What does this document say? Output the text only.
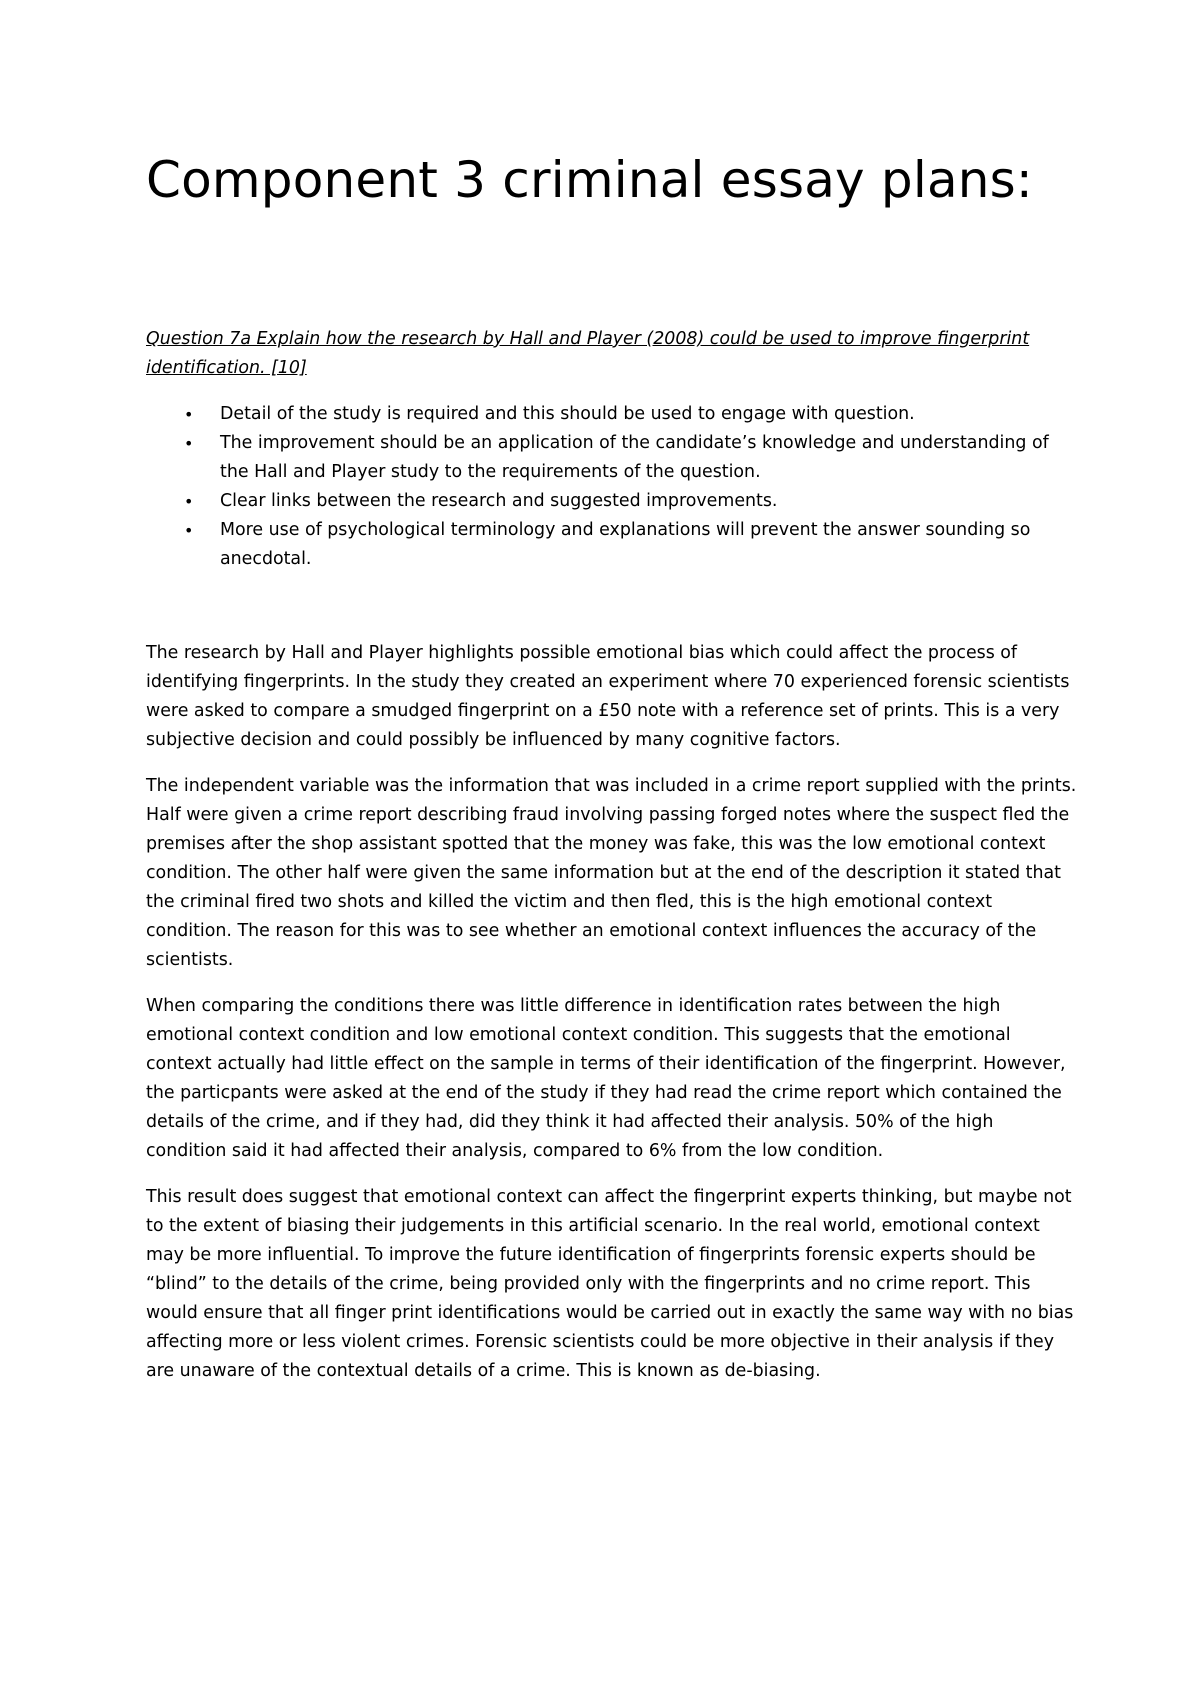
Component 3 criminal essay plans:

Question 7a Explain how the research by Hall and Player (2008) could be used to improve fingerprint identification. [10]

• Detail of the study is required and this should be used to engage with question.
• The improvement should be an application of the candidate’s knowledge and understanding of the Hall and Player study to the requirements of the question.
• Clear links between the research and suggested improvements.
• More use of psychological terminology and explanations will prevent the answer sounding so anecdotal.

The research by Hall and Player highlights possible emotional bias which could affect the process of identifying fingerprints. In the study they created an experiment where 70 experienced forensic scientists were asked to compare a smudged fingerprint on a £50 note with a reference set of prints. This is a very subjective decision and could possibly be influenced by many cognitive factors.

The independent variable was the information that was included in a crime report supplied with the prints. Half were given a crime report describing fraud involving passing forged notes where the suspect fled the premises after the shop assistant spotted that the money was fake, this was the low emotional context condition. The other half were given the same information but at the end of the description it stated that the criminal fired two shots and killed the victim and then fled, this is the high emotional context condition. The reason for this was to see whether an emotional context influences the accuracy of the scientists.

When comparing the conditions there was little difference in identification rates between the high emotional context condition and low emotional context condition. This suggests that the emotional context actually had little effect on the sample in terms of their identification of the fingerprint. However, the particpants were asked at the end of the study if they had read the crime report which contained the details of the crime, and if they had, did they think it had affected their analysis. 50% of the high condition said it had affected their analysis, compared to 6% from the low condition.

This result does suggest that emotional context can affect the fingerprint experts thinking, but maybe not to the extent of biasing their judgements in this artificial scenario. In the real world, emotional context may be more influential. To improve the future identification of fingerprints forensic experts should be “blind” to the details of the crime, being provided only with the fingerprints and no crime report. This would ensure that all finger print identifications would be carried out in exactly the same way with no bias affecting more or less violent crimes. Forensic scientists could be more objective in their analysis if they are unaware of the contextual details of a crime. This is known as de-biasing.
